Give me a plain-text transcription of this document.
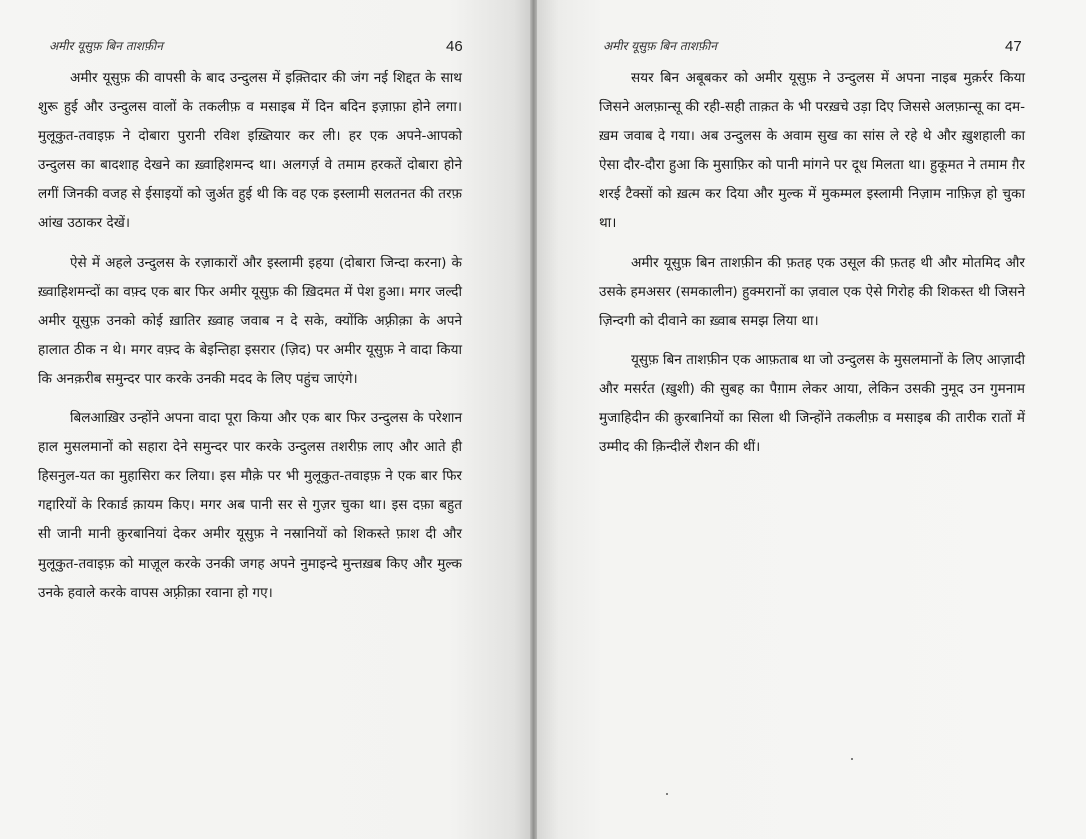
अमीर यूसुफ़ बिन ताशफ़ीन	46

अमीर यूसुफ़ की वापसी के बाद उन्दुलस में इक़्तिदार की जंग नई शिद्दत के साथ शुरू हुई और उन्दुलस वालों के तकलीफ़ व मसाइब में दिन बदिन इज़ाफ़ा होने लगा। मुलूकुत-तवाइफ़ ने दोबारा पुरानी रविश इख़्तियार कर ली। हर एक अपने-आपको उन्दुलस का बादशाह देखने का ख़्वाहिशमन्द था। अलगर्ज़ वे तमाम हरकतें दोबारा होने लगीं जिनकी वजह से ईसाइयों को जुर्अत हुई थी कि वह एक इस्लामी सलतनत की तरफ़ आंख उठाकर देखें।

ऐसे में अहले उन्दुलस के रज़ाकारों और इस्लामी इहया (दोबारा जिन्दा करना) के ख़्वाहिशमन्दों का वफ़्द एक बार फिर अमीर यूसुफ़ की ख़िदमत में पेश हुआ। मगर जल्दी अमीर यूसुफ़ उनको कोई ख़ातिर ख़्वाह जवाब न दे सके, क्योंकि अफ़्रीक़ा के अपने हालात ठीक न थे। मगर वफ़्द के बेइन्तिहा इसरार (ज़िद) पर अमीर यूसुफ़ ने वादा किया कि अनक़रीब समुन्दर पार करके उनकी मदद के लिए पहुंच जाएंगे।

बिलआख़िर उन्होंने अपना वादा पूरा किया और एक बार फिर उन्दुलस के परेशान हाल मुसलमानों को सहारा देने समुन्दर पार करके उन्दुलस तशरीफ़ लाए और आते ही हिसनुल-यत का मुहासिरा कर लिया। इस मौक़े पर भी मुलूकुत-तवाइफ़ ने एक बार फिर गद्दारियों के रिकार्ड क़ायम किए। मगर अब पानी सर से गुज़र चुका था। इस दफ़ा बहुत सी जानी मानी क़ुरबानियां देकर अमीर यूसुफ़ ने नस्रानियों को शिकस्ते फ़ाश दी और मुलूकुत-तवाइफ़ को माज़ूल करके उनकी जगह अपने नुमाइन्दे मुन्तख़ब किए और मुल्क उनके हवाले करके वापस अफ़्रीक़ा रवाना हो गए।

अमीर यूसुफ़ बिन ताशफ़ीन	47

सयर बिन अबूबकर को अमीर यूसुफ़ ने उन्दुलस में अपना नाइब मुक़र्रर किया जिसने अलफ़ान्सू की रही-सही ताक़त के भी परख़चे उड़ा दिए जिससे अलफ़ान्सू का दम-ख़म जवाब दे गया। अब उन्दुलस के अवाम सुख का सांस ले रहे थे और ख़ुशहाली का ऐसा दौर-दौरा हुआ कि मुसाफ़िर को पानी मांगने पर दूध मिलता था। हुकूमत ने तमाम ग़ैर शरई टैक्सों को ख़त्म कर दिया और मुल्क में मुकम्मल इस्लामी निज़ाम नाफ़िज़ हो चुका था।

अमीर यूसुफ़ बिन ताशफ़ीन की फ़तह एक उसूल की फ़तह थी और मोतमिद और उसके हमअसर (समकालीन) हुक्मरानों का ज़वाल एक ऐसे गिरोह की शिकस्त थी जिसने ज़िन्दगी को दीवाने का ख़्वाब समझ लिया था।

यूसुफ़ बिन ताशफ़ीन एक आफ़ताब था जो उन्दुलस के मुसलमानों के लिए आज़ादी और मसर्रत (ख़ुशी) की सुबह का पैग़ाम लेकर आया, लेकिन उसकी नुमूद उन गुमनाम मुजाहिदीन की क़ुरबानियों का सिला थी जिन्होंने तकलीफ़ व मसाइब की तारीक रातों में उम्मीद की क़िन्दीलें रौशन की थीं।
